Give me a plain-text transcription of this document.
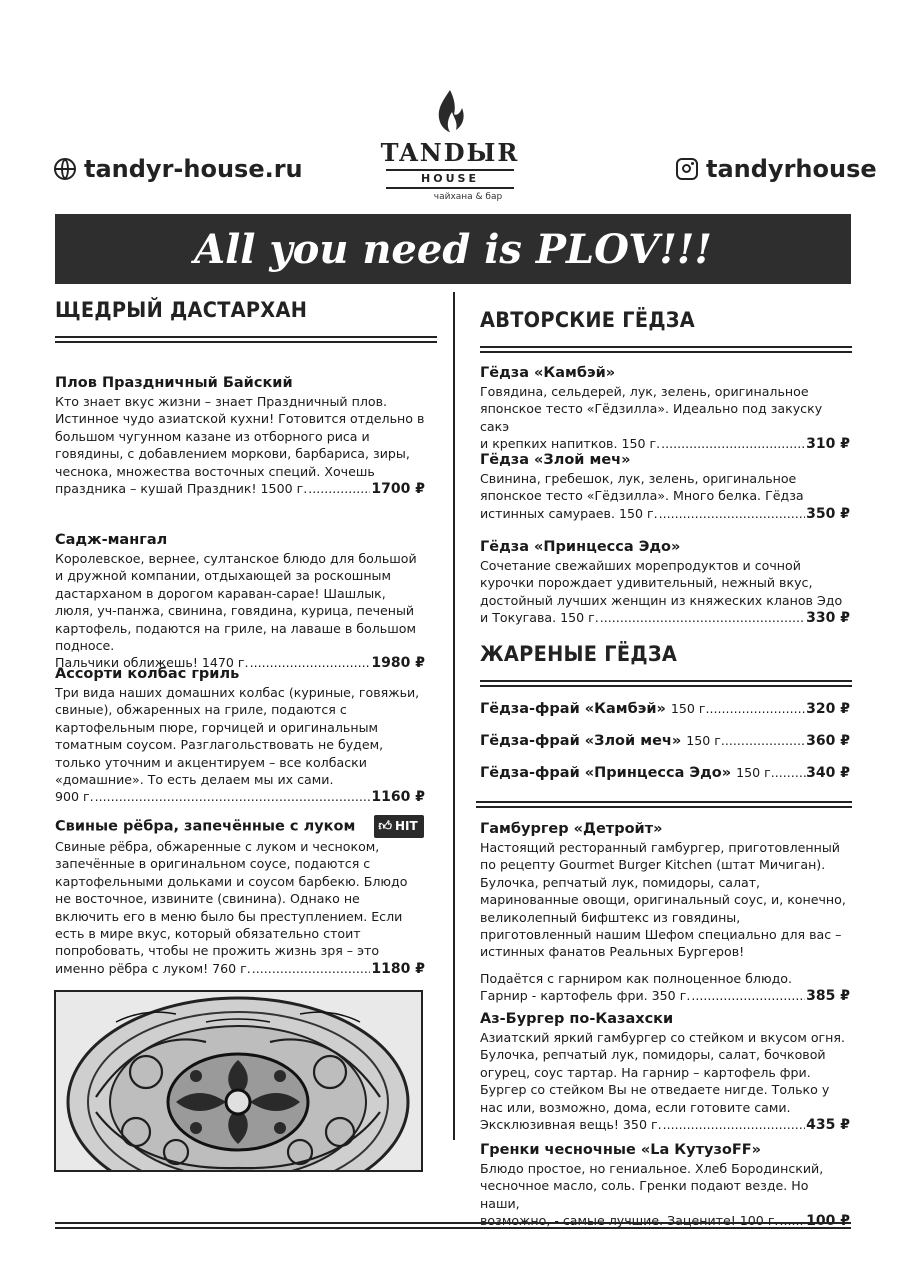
tandyr-house.ru	tandyrhouse
TANDЫR
HOUSE
чайхана & бар
All you need is PLOV!!!
ЩЕДРЫЙ ДАСТАРХАН
Плов Праздничный Байский

Кто знает вкус жизни – знает Праздничный плов. Истинное чудо азиатской кухни! Готовится отдельно в большом чугунном казане из отборного риса и говядины, с добавлением моркови, барбариса, зиры, чеснока, множества восточных специй. Хочешь

праздника – кушай Праздник! 1500 г. .....	1700 ₽
Садж-мангал

Королевское, вернее, султанское блюдо для большой и дружной компании, отдыхающей за роскошным дастарханом в дорогом караван-сарае! Шашлык, люля, уч-панжа, свинина, говядина, курица, печеный картофель, подаются на гриле, на лаваше в большом подносе.

Пальчики оближешь! 1470 г. .....	1980 ₽
Ассорти колбас гриль

Три вида наших домашних колбас (куриные, говяжьи, свиные), обжаренных на гриле, подаются с картофельным пюре, горчицей и оригинальным томатным соусом. Разглагольствовать не будем, только уточним и акцентируем – все колбаски «домашние». То есть делаем мы их сами.

900 г. .....	1160 ₽
Свиные рёбра, запечённые с луком 👍︎ HIT

Свиные рёбра, обжаренные с луком и чесноком, запечённые в оригинальном соусе, подаются с картофельными дольками и соусом барбекю. Блюдо не восточное, извините (свинина). Однако не включить его в меню было бы преступлением. Если есть в мире вкус, который обязательно стоит попробовать, чтобы не прожить жизнь зря – это

именно рёбра с луком! 760 г. .....	1180 ₽
АВТОРСКИЕ ГЁДЗА
Гёдза «Камбэй»

Говядина, сельдерей, лук, зелень, оригинальное японское тесто «Гёдзилла». Идеально под закуску сакэ

и крепких напитков. 150 г. .....	310 ₽
Гёдза «Злой меч»

Свинина, гребешок, лук, зелень, оригинальное японское тесто «Гёдзилла». Много белка. Гёдза

истинных самураев. 150 г. .....	350 ₽
Гёдза «Принцесса Эдо»

Сочетание свежайших морепродуктов и сочной курочки порождает удивительный, нежный вкус, достойный лучших женщин из княжеских кланов Эдо

и Токугава. 150 г. .....	330 ₽
ЖАРЕНЫЕ ГЁДЗА
Гёдза-фрай «Камбэй» 150 г. .....	320 ₽
Гёдза-фрай «Злой меч» 150 г. .....	360 ₽
Гёдза-фрай «Принцесса Эдо» 150 г. ..... 340 ₽
Гамбургер «Детройт»

Настоящий ресторанный гамбургер, приготовленный по рецепту Gourmet Burger Kitchen (штат Мичиган). Булочка, репчатый лук, помидоры, салат, маринованные овощи, оригинальный соус, и, конечно, великолепный бифштекс из говядины, приготовленный нашим Шефом специально для вас – истинных фанатов Реальных Бургеров!

Подаётся с гарниром как полноценное блюдо.

Гарнир - картофель фри. 350 г. .....	385 ₽
Аз-Бургер по-Казахски

Азиатский яркий гамбургер со стейком и вкусом огня. Булочка, репчатый лук, помидоры, салат, бочковой огурец, соус тартар. На гарнир – картофель фри. Бургер со стейком Вы не отведаете нигде. Только у нас или, возможно, дома, если готовите сами.

Эксклюзивная вещь! 350 г. .....	435 ₽
Гренки чесночные «La КутузоFF»

Блюдо простое, но гениальное. Хлеб Бородинский, чесночное масло, соль. Гренки подают везде. Но наши,

возможно, - самые лучшие. Зацените! 100 г. ..... 100 ₽
